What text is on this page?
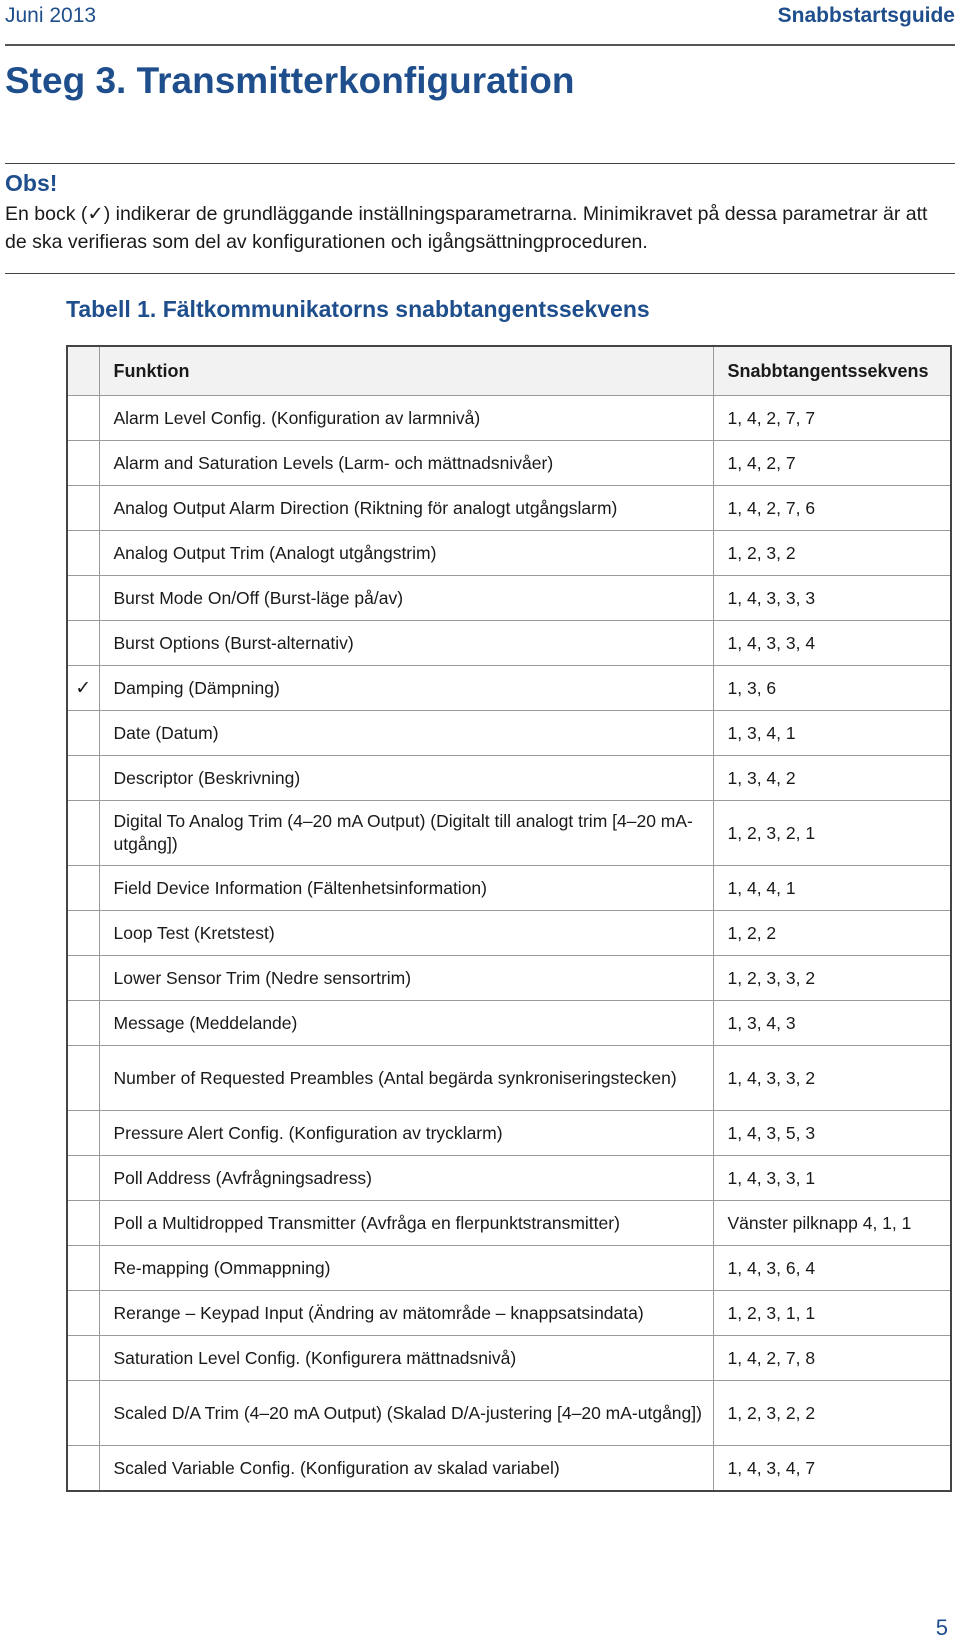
Juni 2013	Snabbstartsguide
Steg 3. Transmitterkonfiguration
Obs!
En bock (✓) indikerar de grundläggande inställningsparametrarna. Minimikravet på dessa parametrar är att de ska verifieras som del av konfigurationen och igångsättningproceduren.
Tabell 1. Fältkommunikatorns snabbtangentssekvens
	Funktion	Snabbtangentssekvens
	Alarm Level Config. (Konfiguration av larmnivå)	1, 4, 2, 7, 7
	Alarm and Saturation Levels (Larm- och mättnadsnivåer)	1, 4, 2, 7
	Analog Output Alarm Direction (Riktning för analogt utgångslarm)	1, 4, 2, 7, 6
	Analog Output Trim (Analogt utgångstrim)	1, 2, 3, 2
	Burst Mode On/Off (Burst-läge på/av)	1, 4, 3, 3, 3
	Burst Options (Burst-alternativ)	1, 4, 3, 3, 4
✓	Damping (Dämpning)	1, 3, 6
	Date (Datum)	1, 3, 4, 1
	Descriptor (Beskrivning)	1, 3, 4, 2
	Digital To Analog Trim (4–20 mA Output) (Digitalt till analogt trim [4–20 mA-utgång])	1, 2, 3, 2, 1
	Field Device Information (Fältenhetsinformation)	1, 4, 4, 1
	Loop Test (Kretstest)	1, 2, 2
	Lower Sensor Trim (Nedre sensortrim)	1, 2, 3, 3, 2
	Message (Meddelande)	1, 3, 4, 3
	Number of Requested Preambles (Antal begärda synkroniseringstecken)	1, 4, 3, 3, 2
	Pressure Alert Config. (Konfiguration av trycklarm)	1, 4, 3, 5, 3
	Poll Address (Avfrågningsadress)	1, 4, 3, 3, 1
	Poll a Multidropped Transmitter (Avfråga en flerpunktstransmitter)	Vänster pilknapp 4, 1, 1
	Re-mapping (Ommappning)	1, 4, 3, 6, 4
	Rerange – Keypad Input (Ändring av mätområde – knappsatsindata)	1, 2, 3, 1, 1
	Saturation Level Config. (Konfigurera mättnadsnivå)	1, 4, 2, 7, 8
	Scaled D/A Trim (4–20 mA Output) (Skalad D/A-justering [4–20 mA-utgång])	1, 2, 3, 2, 2
	Scaled Variable Config. (Konfiguration av skalad variabel)	1, 4, 3, 4, 7
5
